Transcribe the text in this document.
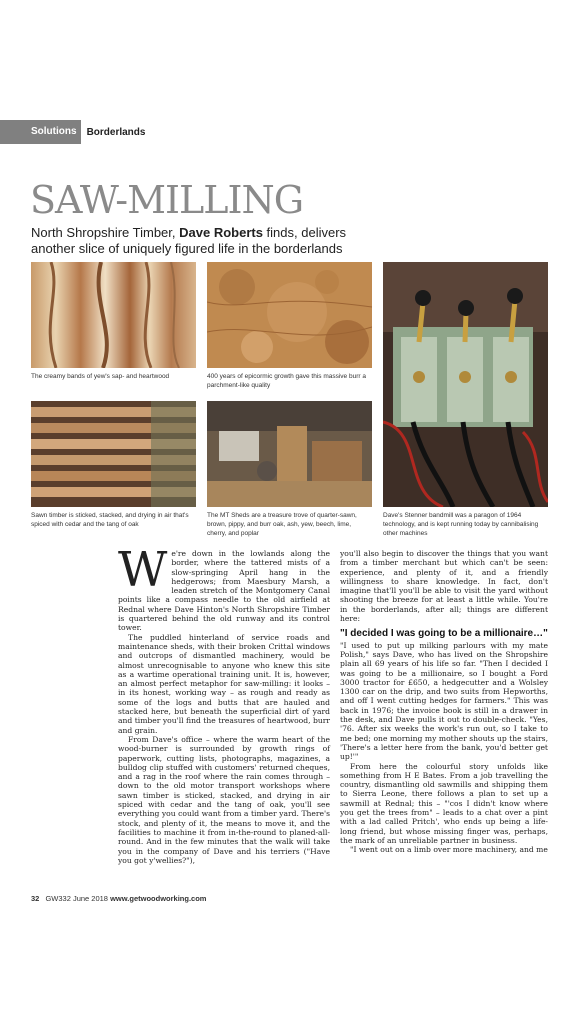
Solutions	Borderlands
SAW-MILLING
North Shropshire Timber, Dave Roberts finds, delivers another slice of uniquely figured life in the borderlands
The creamy bands of yew's sap- and heartwood	400 years of epicormic growth gave this massive burr a parchment-like quality
Dave's Stenner bandmill was a paragon of 1964 technology, and is kept running today by cannibalising other machines
Sawn timber is sticked, stacked, and drying in air that's spiced with cedar and the tang of oak
The MT Sheds are a treasure trove of quarter-sawn, brown, pippy, and burr oak, ash, yew, beech, lime, cherry, and poplar

We're down in the lowlands along the border, where the tattered mists of a slow-springing April hang in the hedgerows; from Maesbury Marsh, a leaden stretch of the Montgomery Canal points like a compass needle to the old airfield at Rednal where Dave Hinton's North Shropshire Timber is quartered behind the old runway and its control tower.

The puddled hinterland of service roads and maintenance sheds, with their broken Crittal windows and outcrops of dismantled machinery, would be almost unrecognisable to anyone who knew this site as a wartime operational training unit. It is, however, an almost perfect metaphor for saw-milling: it looks – in its honest, working way – as rough and ready as some of the logs and butts that are hauled and stacked here, but beneath the superficial dirt of yard and timber you'll find the treasures of heartwood, burr and grain.

From Dave's office – where the warm heart of the wood-burner is surrounded by growth rings of paperwork, cutting lists, photographs, magazines, a bulldog clip stuffed with customers' returned cheques, and a rag in the roof where the rain comes through – down to the old motor transport workshops where sawn timber is sticked, stacked, and drying in air spiced with cedar and the tang of oak, you'll see everything you could want from a timber yard. There's stock, and plenty of it, the means to move it, and the facilities to machine it from in-the-round to planed-all-round. And in the few minutes that the walk will take you in the company of Dave and his terriers ("Have you got y'wellies?"),

you'll also begin to discover the things that you want from a timber merchant but which can't be seen: experience, and plenty of it, and a friendly willingness to share knowledge. In fact, don't imagine that'll you'll be able to visit the yard without shooting the breeze for at least a little while. You're in the borderlands, after all; things are different here:

"I decided I was going to be a millionaire…"

"I used to put up milking parlours with my mate Polish," says Dave, who has lived on the Shropshire plain all 69 years of his life so far. "Then I decided I was going to be a millionaire, so I bought a Ford 3000 tractor for £650, a hedgecutter and a Wolsley 1300 car on the drip, and two suits from Hepworths, and off I went cutting hedges for farmers." This was back in 1976; the invoice book is still in a drawer in the desk, and Dave pulls it out to double-check. "Yes, '76. After six weeks the work's run out, so I take to me bed; one morning my mother shouts up the stairs, 'There's a letter here from the bank, you'd better get up!'"

From here the colourful story unfolds like something from H E Bates. From a job travelling the country, dismantling old sawmills and shipping them to Sierra Leone, there follows a plan to set up a sawmill at Rednal; this – "'cos I didn't know where you get the trees from" – leads to a chat over a pint with a lad called Pritch', who ends up being a life-long friend, but whose missing finger was, perhaps, the mark of an unreliable partner in business.

"I went out on a limb over more machinery, and me

32 GW332 June 2018 www.getwoodworking.com
